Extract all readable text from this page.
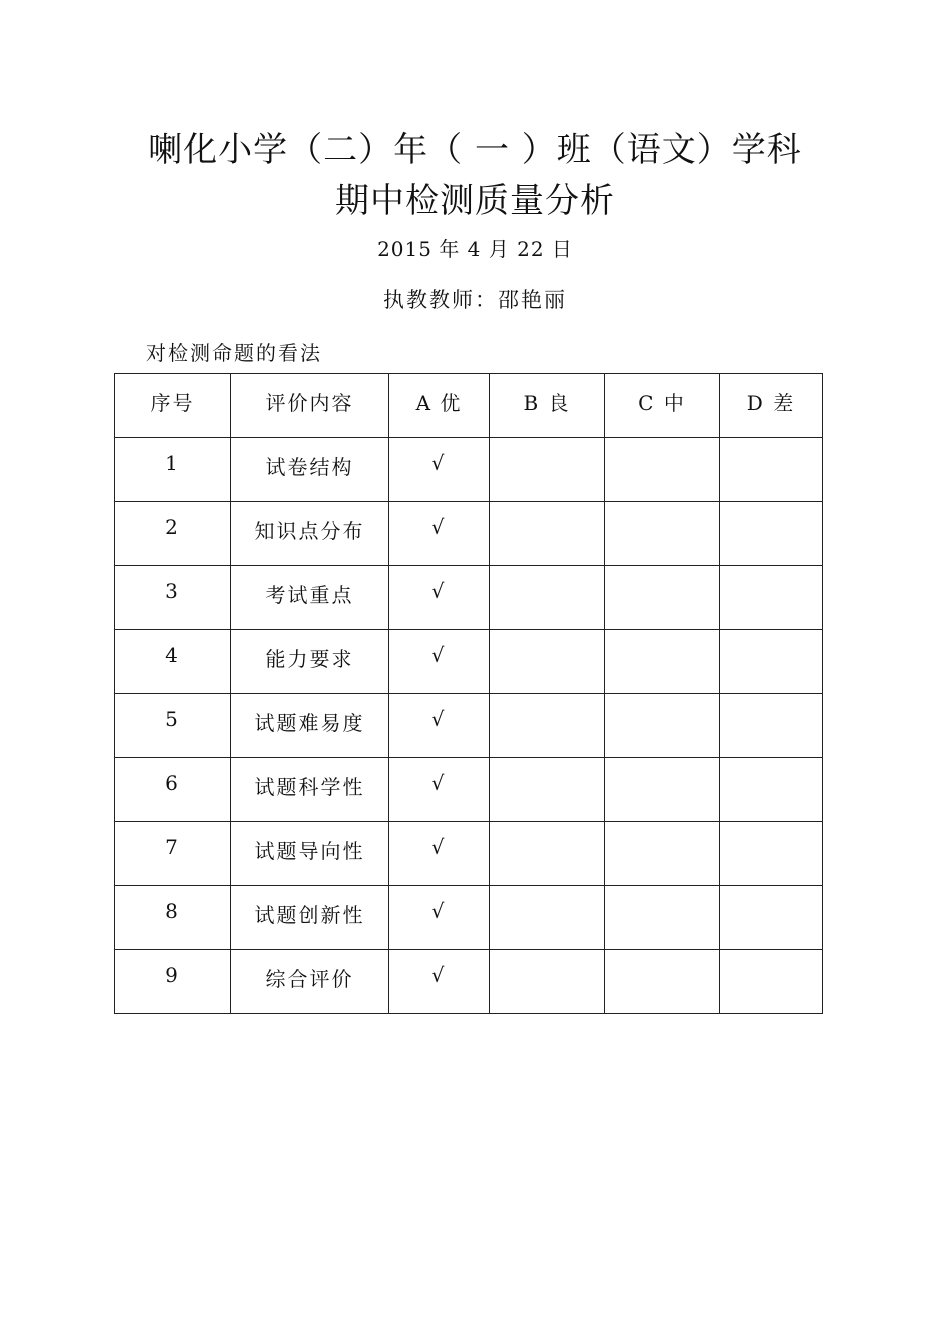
喇化小学（二）年（ 一 ）班（语文）学科
期中检测质量分析
2015 年 4 月 22 日
执教教师：邵艳丽
对检测命题的看法
序号	评价内容	A 优	B 良	C 中	D 差
1	试卷结构	√			
2	知识点分布	√			
3	考试重点	√			
4	能力要求	√			
5	试题难易度	√			
6	试题科学性	√			
7	试题导向性	√			
8	试题创新性	√			
9	综合评价	√			
